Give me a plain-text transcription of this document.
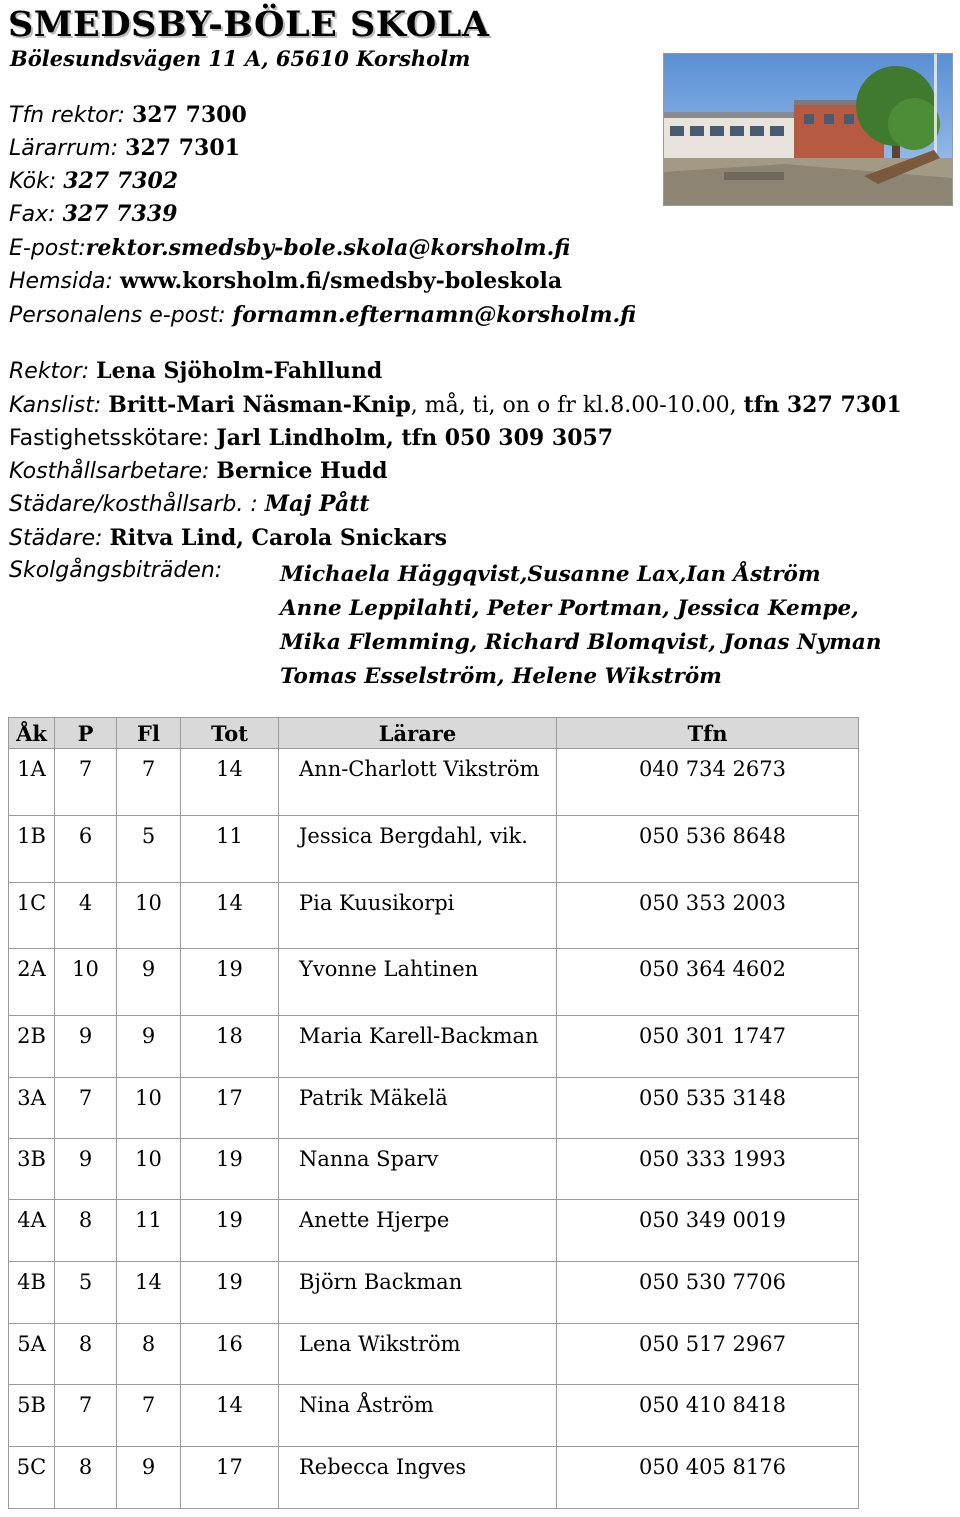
SMEDSBY-BÖLE SKOLA
Bölesundsvägen 11 A, 65610 Korsholm
Tfn rektor: 327 7300
Lärarrum: 327 7301
Kök: 327 7302
Fax: 327 7339
E-post:rektor.smedsby-bole.skola@korsholm.fi
Hemsida: www.korsholm.fi/smedsby-boleskola
Personalens e-post: fornamn.efternamn@korsholm.fi
Rektor: Lena Sjöholm-Fahllund
Kanslist: Britt-Mari Näsman-Knip, må, ti, on o fr kl.8.00-10.00, tfn 327 7301
Fastighetsskötare: Jarl Lindholm, tfn 050 309 3057
Kosthållsarbetare: Bernice Hudd
Städare/kosthållsarb. : Maj Pått
Städare: Ritva Lind, Carola Snickars
Skolgångsbiträden:	Michaela Häggqvist,Susanne Lax,Ian Åström
Anne Leppilahti, Peter Portman, Jessica Kempe,
Mika Flemming, Richard Blomqvist, Jonas Nyman
Tomas Esselström, Helene Wikström
Åk	P	Fl	Tot	Lärare	Tfn

1A	7	7	14	Ann-Charlott Vikström	040 734 2673

1B	6	5	11	Jessica Bergdahl, vik.	050 536 8648

1C	4	10	14	Pia Kuusikorpi	050 353 2003

2A	10	9	19	Yvonne Lahtinen	050 364 4602

2B	9	9	18	Maria Karell-Backman	050 301 1747

3A	7	10	17	Patrik Mäkelä	050 535 3148

3B	9	10	19	Nanna Sparv	050 333 1993

4A	8	11	19	Anette Hjerpe	050 349 0019

4B	5	14	19	Björn Backman	050 530 7706

5A	8	8	16	Lena Wikström	050 517 2967

5B	7	7	14	Nina Åström	050 410 8418

5C	8	9	17	Rebecca Ingves	050 405 8176
